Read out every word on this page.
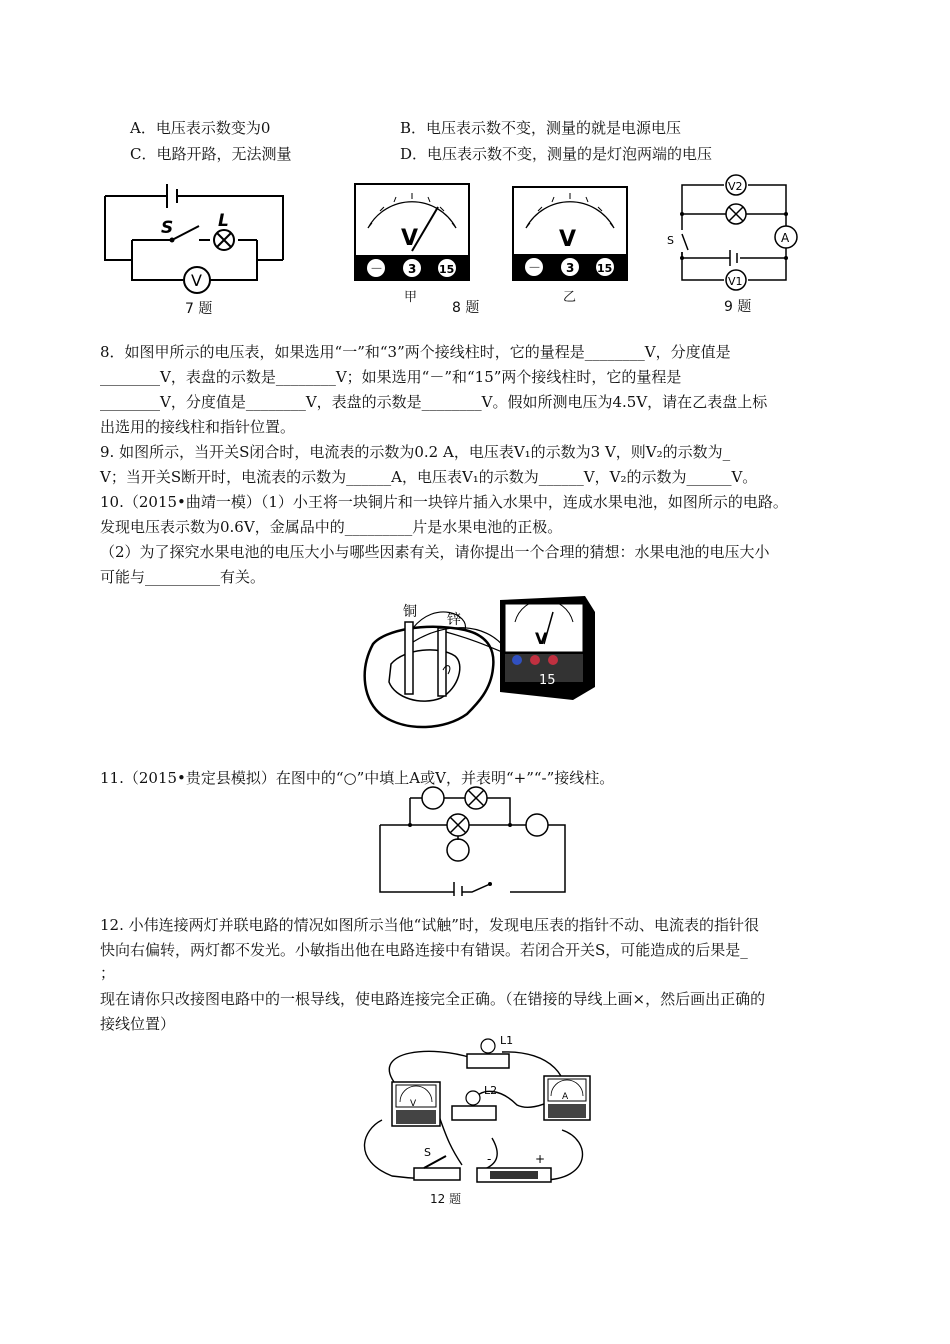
A．电压表示数变为0	B．电压表示数不变，测量的就是电源电压
C．电路开路，无法测量	D．电压表示数不变，测量的是灯泡两端的电压
S	L
V
7 题
V
－ 3 15
甲
8 题
V
－ 3 15
乙
V2
V1
A
S
9 题
8．如图甲所示的电压表，如果选用“一”和“3”两个接线柱时，它的量程是________V，分度值是
________V，表盘的示数是________V；如果选用“－”和“15”两个接线柱时，它的量程是
________V，分度值是________V，表盘的示数是________V。假如所测电压为4.5V，请在乙表盘上标
出选用的接线柱和指针位置。
9. 如图所示，当开关S闭合时，电流表的示数为0.2 A，电压表V₁的示数为3 V，则V₂的示数为_
V；当开关S断开时，电流表的示数为______A，电压表V₁的示数为______V，V₂的示数为______V。
10.（2015•曲靖一模）（1）小王将一块铜片和一块锌片插入水果中，连成水果电池，如图所示的电路。
发现电压表示数为0.6V，金属品中的_________片是水果电池的正极。
（2）为了探究水果电池的电压大小与哪些因素有关，请你提出一个合理的猜想：水果电池的电压大小
可能与__________有关。
铜 锌
V
15
11.（2015•贵定县模拟）在图中的“○”中填上A或V，并表明“+”“-”接线柱。
12. 小伟连接两灯并联电路的情况如图所示当他“试触”时，发现电压表的指针不动、电流表的指针很
快向右偏转，两灯都不发光。小敏指出他在电路连接中有错误。若闭合开关S，可能造成的后果是_
；
现在请你只改接图电路中的一根导线，使电路连接完全正确。（在错接的导线上画×，然后画出正确的
接线位置）
V
A
L1
L2
S	-	+
12 题
